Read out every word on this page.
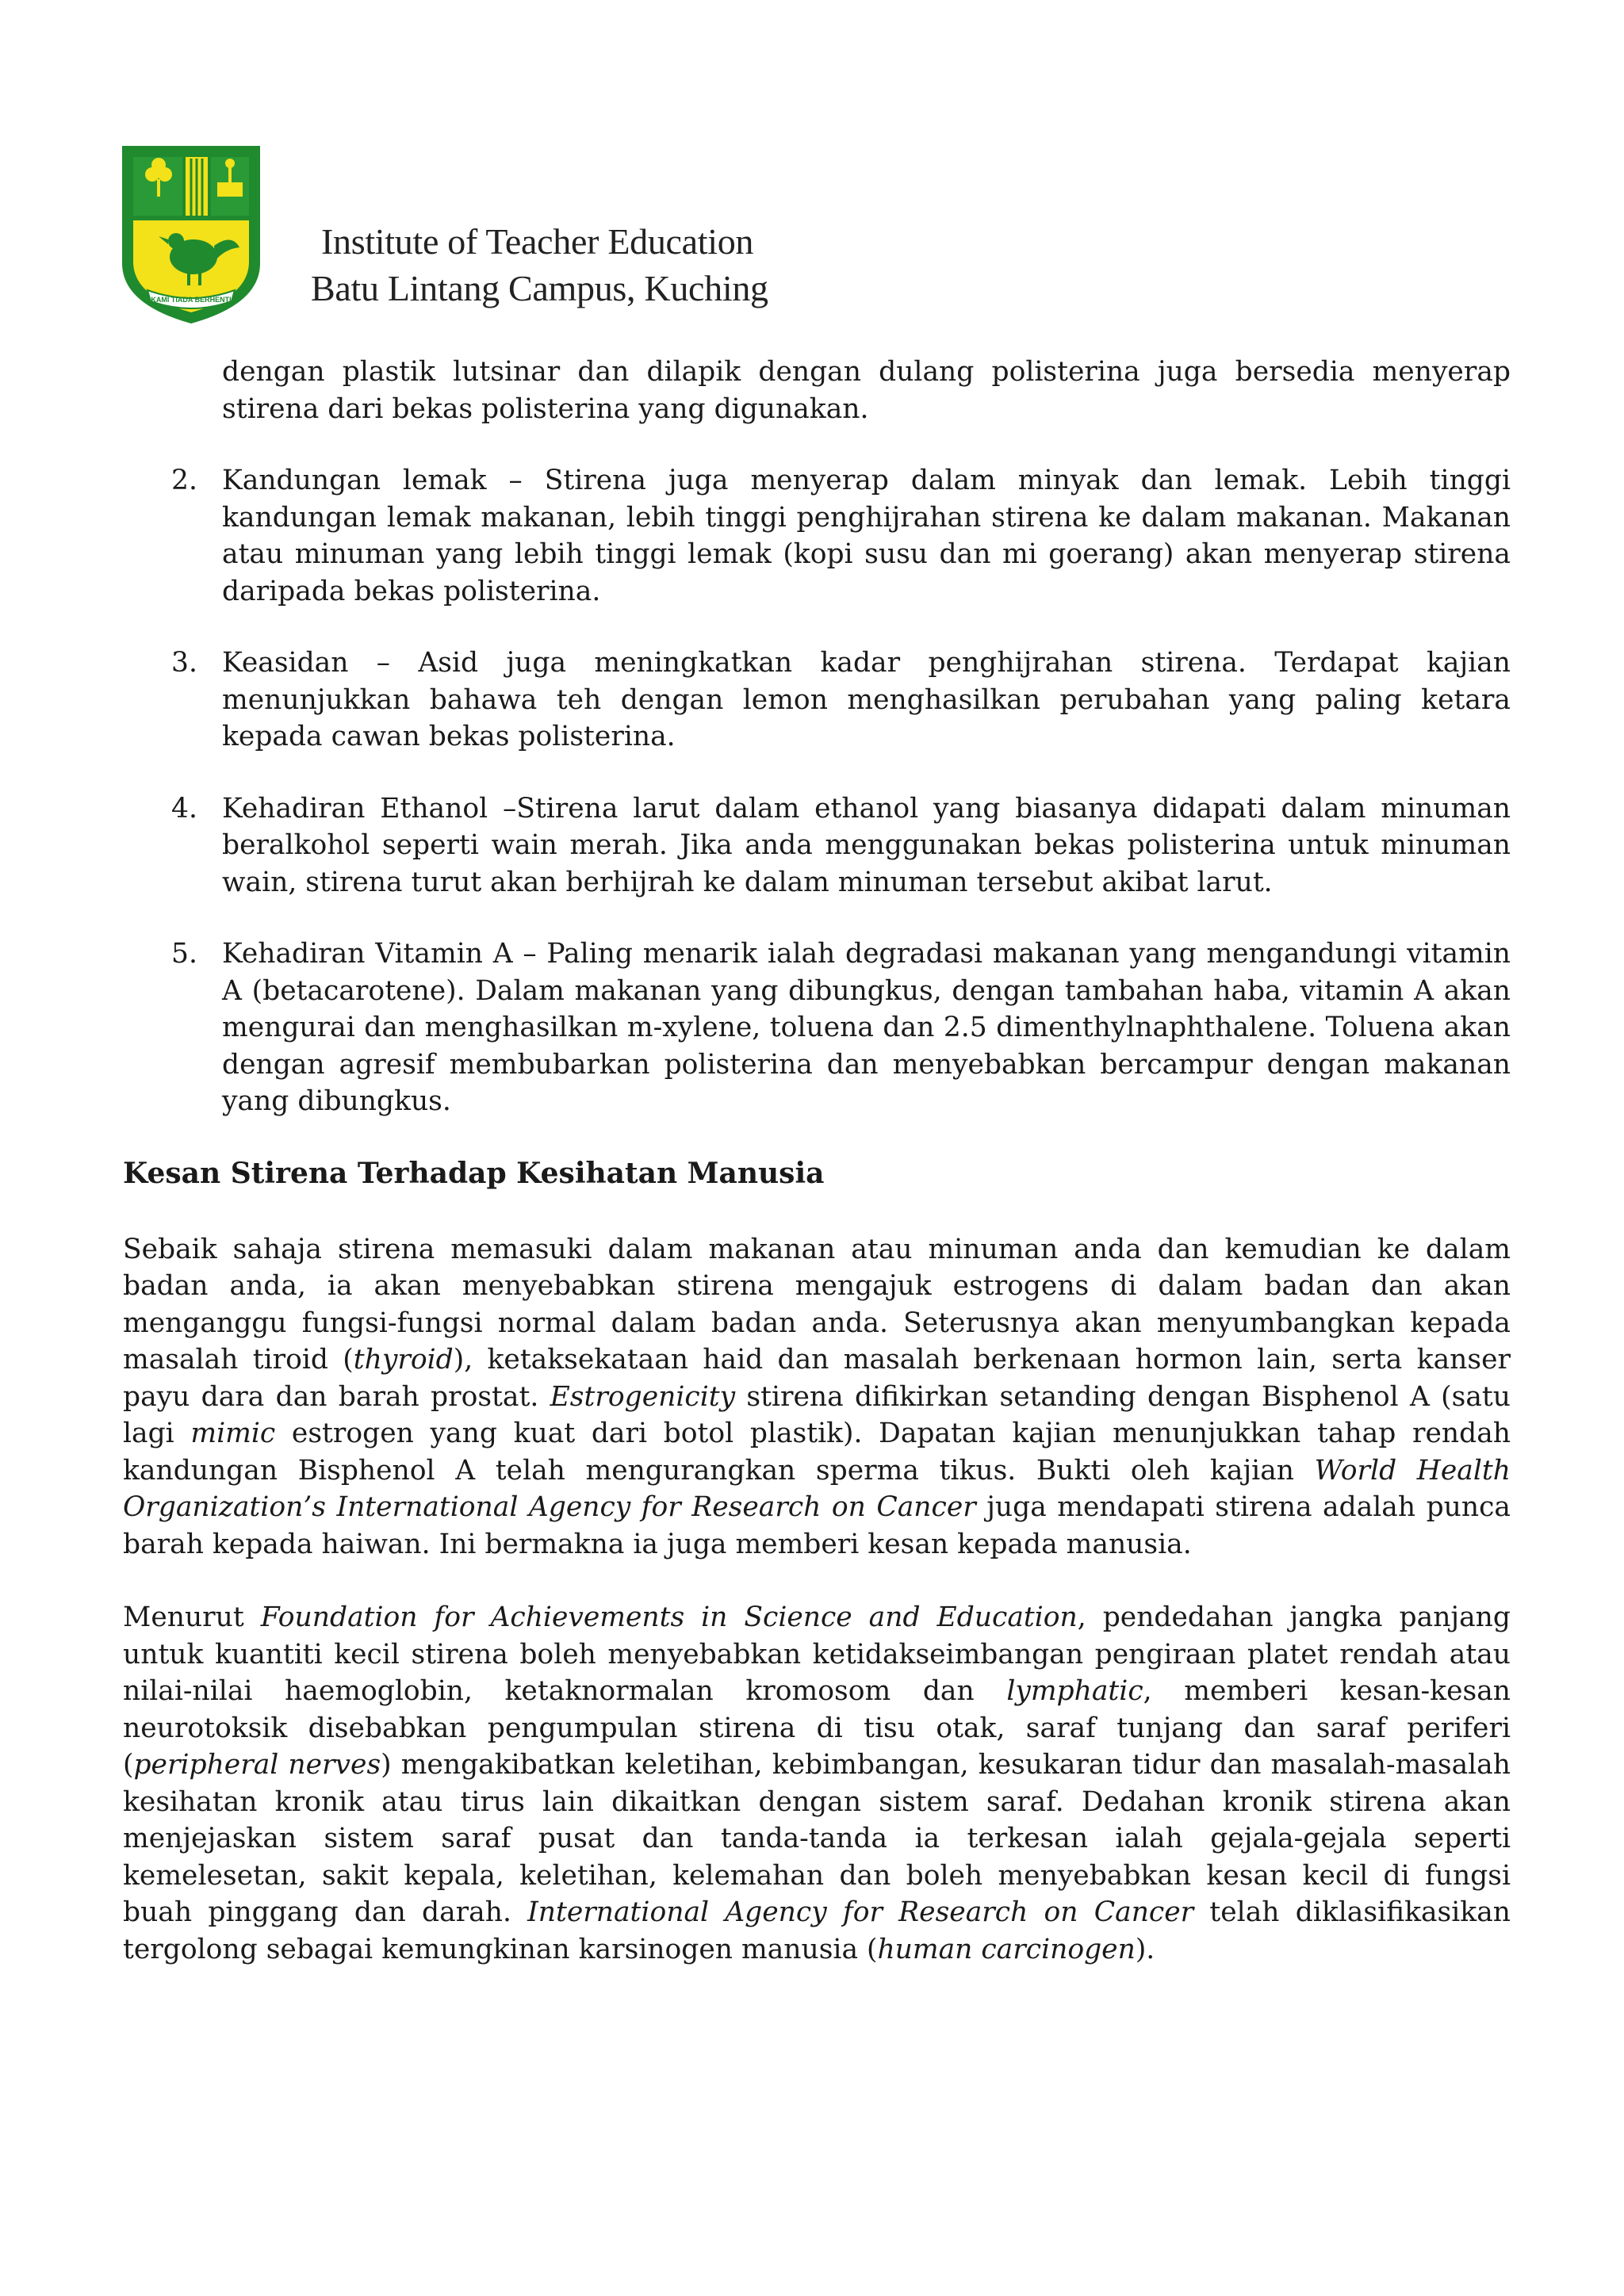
KAMI TIADA BERHENTI
Institute of Teacher Education
Batu Lintang Campus, Kuching

dengan plastik lutsinar dan dilapik dengan dulang polisterina juga bersedia menyerap stirena dari bekas polisterina yang digunakan.

2. Kandungan lemak – Stirena juga menyerap dalam minyak dan lemak. Lebih tinggi kandungan lemak makanan, lebih tinggi penghijrahan stirena ke dalam makanan. Makanan atau minuman yang lebih tinggi lemak (kopi susu dan mi goerang) akan menyerap stirena daripada bekas polisterina.
3. Keasidan – Asid juga meningkatkan kadar penghijrahan stirena. Terdapat kajian menunjukkan bahawa teh dengan lemon menghasilkan perubahan yang paling ketara kepada cawan bekas polisterina.
4. Kehadiran Ethanol –Stirena larut dalam ethanol yang biasanya didapati dalam minuman beralkohol seperti wain merah. Jika anda menggunakan bekas polisterina untuk minuman wain, stirena turut akan berhijrah ke dalam minuman tersebut akibat larut.
5. Kehadiran Vitamin A – Paling menarik ialah degradasi makanan yang mengandungi vitamin A (betacarotene). Dalam makanan yang dibungkus, dengan tambahan haba, vitamin A akan mengurai dan menghasilkan m-xylene, toluena dan 2.5 dimenthylnaphthalene. Toluena akan dengan agresif membubarkan polisterina dan menyebabkan bercampur dengan makanan yang dibungkus.
Kesan Stirena Terhadap Kesihatan Manusia

Sebaik sahaja stirena memasuki dalam makanan atau minuman anda dan kemudian ke dalam badan anda, ia akan menyebabkan stirena mengajuk estrogens di dalam badan dan akan menganggu fungsi-fungsi normal dalam badan anda. Seterusnya akan menyumbangkan kepada masalah tiroid (thyroid), ketaksekataan haid dan masalah berkenaan hormon lain, serta kanser payu dara dan barah prostat. Estrogenicity stirena difikirkan setanding dengan Bisphenol A (satu lagi mimic estrogen yang kuat dari botol plastik). Dapatan kajian menunjukkan tahap rendah kandungan Bisphenol A telah mengurangkan sperma tikus. Bukti oleh kajian World Health Organization’s International Agency for Research on Cancer juga mendapati stirena adalah punca barah kepada haiwan. Ini bermakna ia juga memberi kesan kepada manusia.

Menurut Foundation for Achievements in Science and Education, pendedahan jangka panjang untuk kuantiti kecil stirena boleh menyebabkan ketidakseimbangan pengiraan platet rendah atau nilai-nilai haemoglobin, ketaknormalan kromosom dan lymphatic, memberi kesan-kesan neurotoksik disebabkan pengumpulan stirena di tisu otak, saraf tunjang dan saraf periferi (peripheral nerves) mengakibatkan keletihan, kebimbangan, kesukaran tidur dan masalah-masalah kesihatan kronik atau tirus lain dikaitkan dengan sistem saraf. Dedahan kronik stirena akan menjejaskan sistem saraf pusat dan tanda-tanda ia terkesan ialah gejala-gejala seperti kemelesetan, sakit kepala, keletihan, kelemahan dan boleh menyebabkan kesan kecil di fungsi buah pinggang dan darah. International Agency for Research on Cancer telah diklasifikasikan tergolong sebagai kemungkinan karsinogen manusia (human carcinogen).
